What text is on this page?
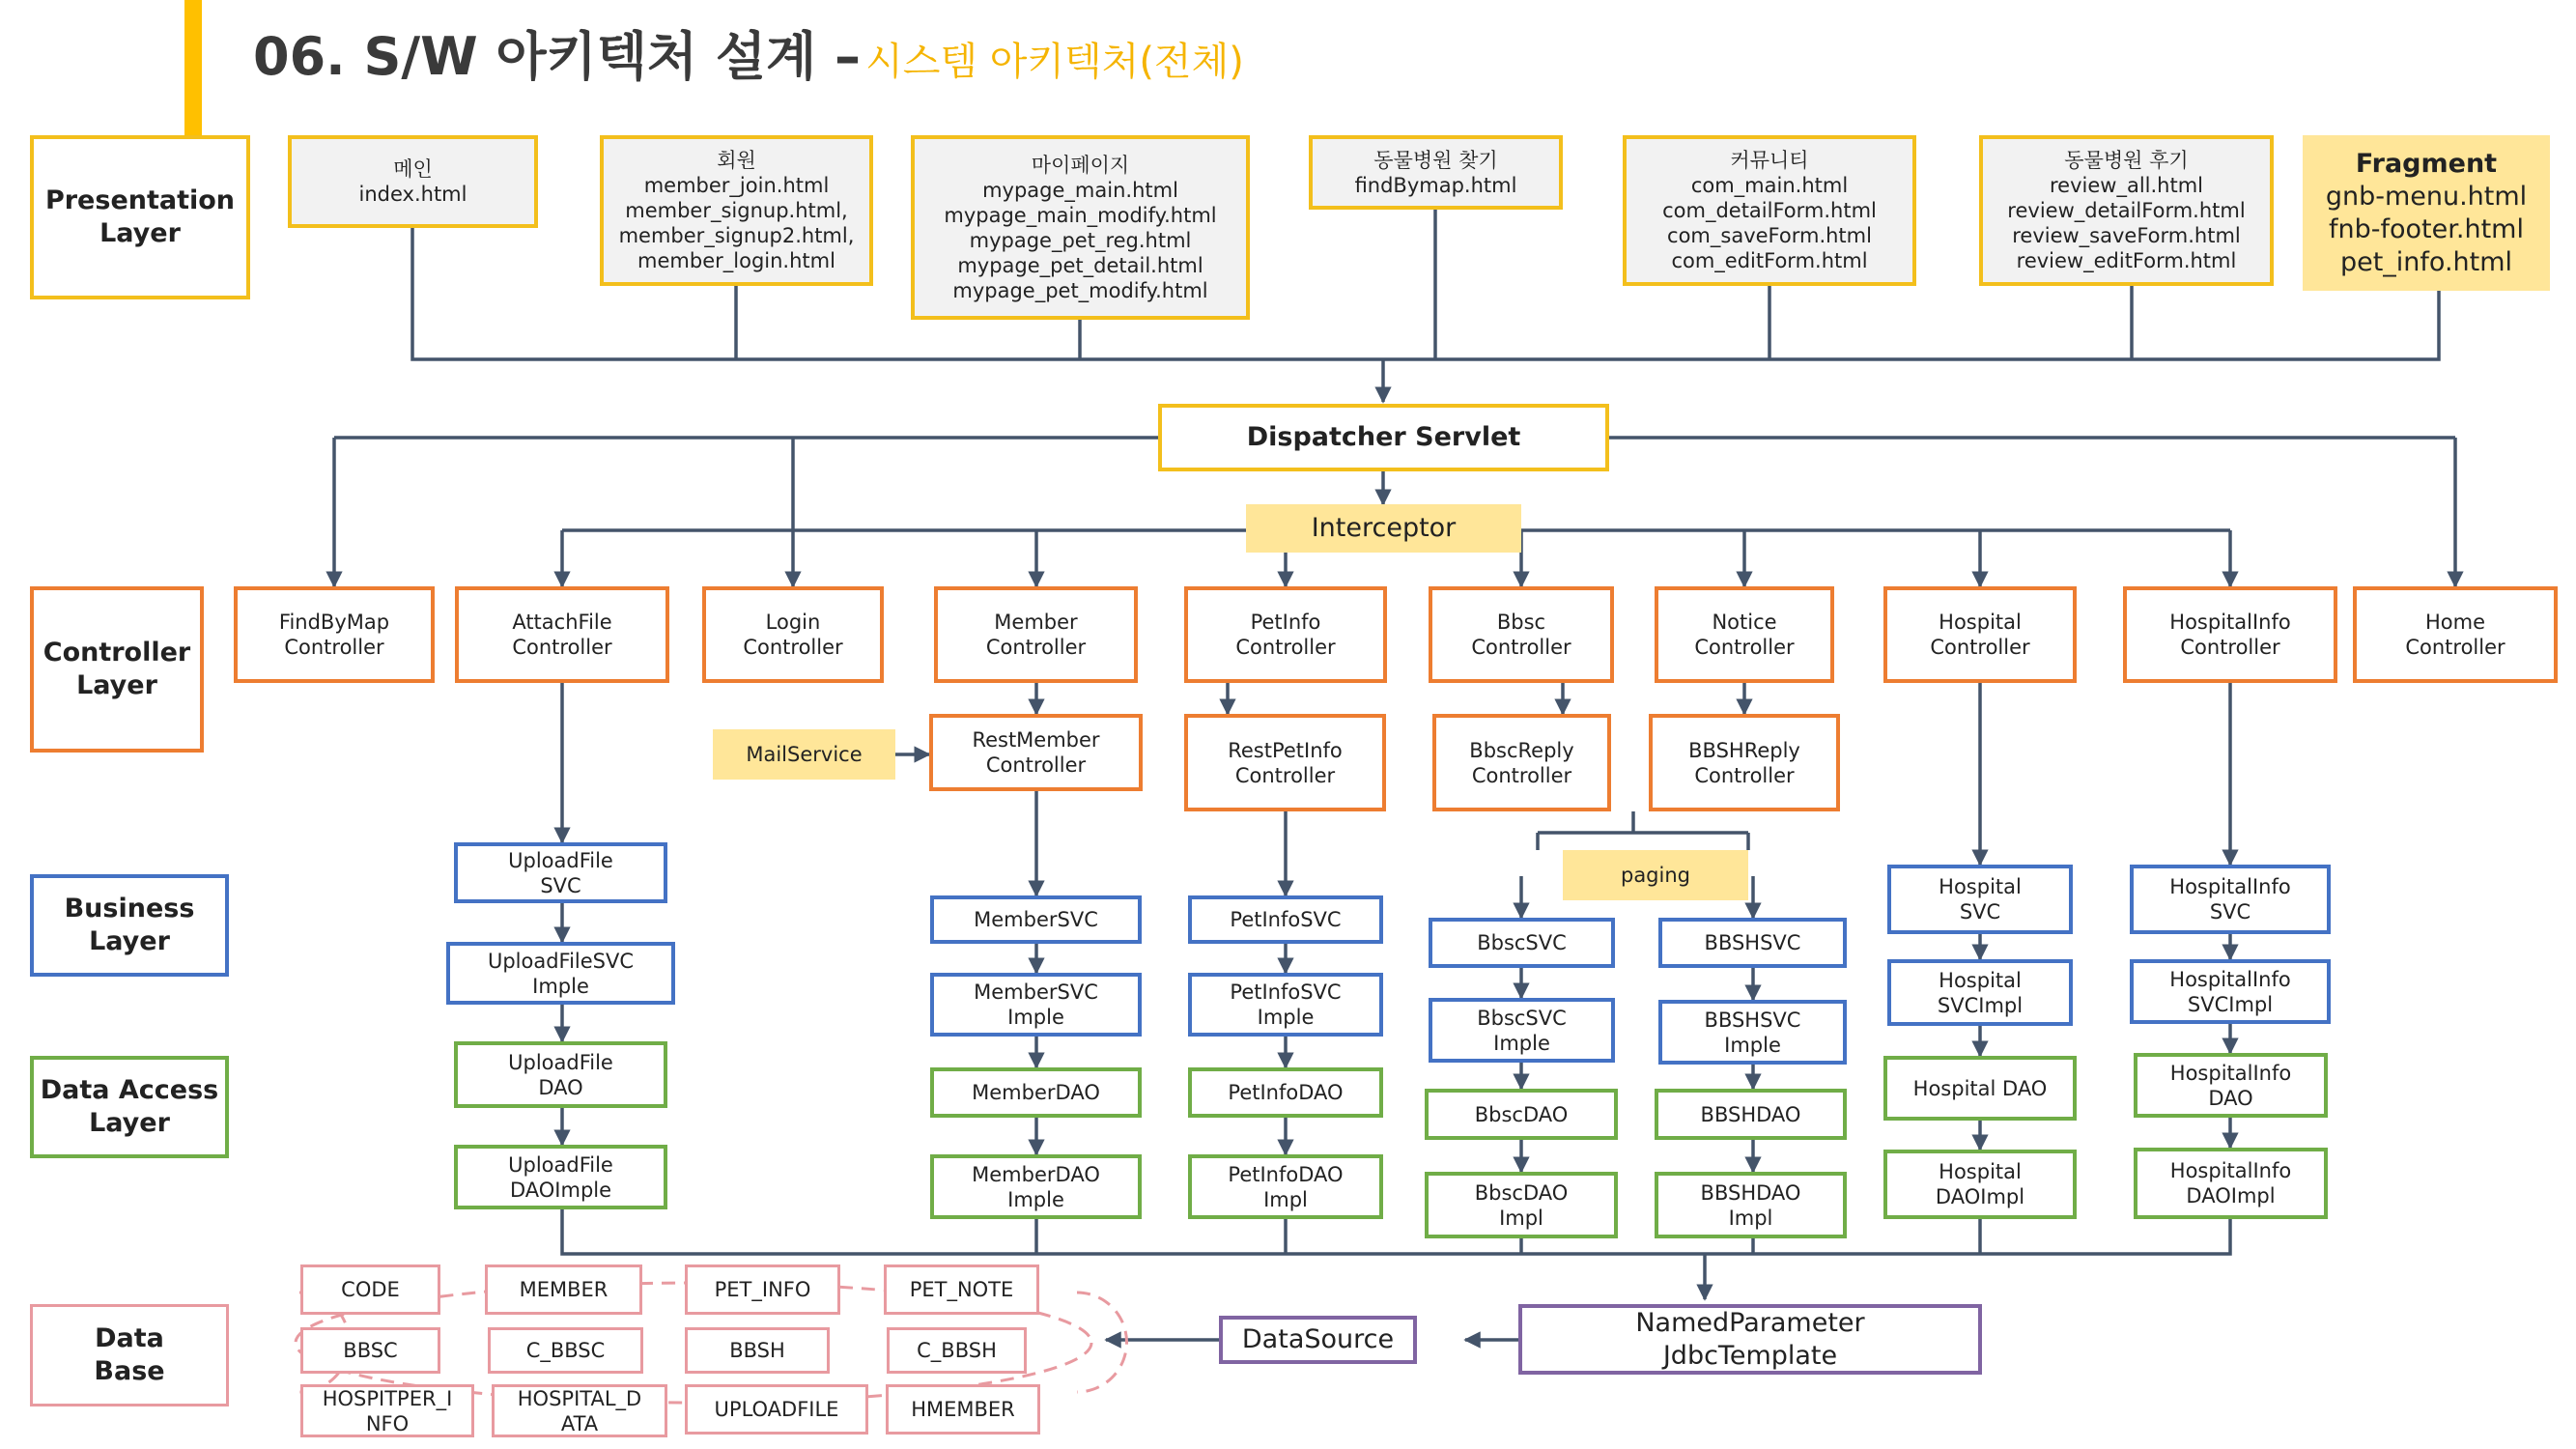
06. S/W 아키텍처 설계 – 시스템 아키텍처(전체)
Presentation
Layer
Controller
Layer
Business
Layer
Data Access
Layer
Data
Base
메인
index.html
회원
member_join.html
member_signup.html,
member_signup2.html,
member_login.html
마이페이지
mypage_main.html
mypage_main_modify.html
mypage_pet_reg.html
mypage_pet_detail.html
mypage_pet_modify.html
동물병원 찾기
findBymap.html
커뮤니티
com_main.html
com_detailForm.html
com_saveForm.html
com_editForm.html
동물병원 후기
review_all.html
review_detailForm.html
review_saveForm.html
review_editForm.html
Fragment
gnb-menu.html
fnb-footer.html
pet_info.html
Dispatcher Servlet
Interceptor
FindByMap
Controller
AttachFile
Controller
Login
Controller
Member
Controller
PetInfo
Controller
Bbsc
Controller
Notice
Controller
Hospital
Controller
HospitalInfo
Controller
Home
Controller
MailService
RestMember
Controller
RestPetInfo
Controller
BbscReply
Controller
BBSHReply
Controller
paging
UploadFile
SVC
UploadFileSVC
Imple
UploadFile
DAO
UploadFile
DAOImple
MemberSVC
MemberSVC
Imple
MemberDAO
MemberDAO
Imple
PetInfoSVC
PetInfoSVC
Imple
PetInfoDAO
PetInfoDAO
Impl
BbscSVC
BbscSVC
Imple
BbscDAO
BbscDAO
Impl
BBSHSVC
BBSHSVC
Imple
BBSHDAO
BBSHDAO
Impl
Hospital
SVC
Hospital
SVCImpl
Hospital DAO
Hospital
DAOImpl
HospitalInfo
SVC
HospitalInfo
SVCImpl
HospitalInfo
DAO
HospitalInfo
DAOImpl
CODE	MEMBER	PET_INFO	PET_NOTE
BBSC	C_BBSC	BBSH	C_BBSH
HOSPITPER_I
NFO
HOSPITAL_D
ATA
UPLOADFILE	HMEMBER
DataSource
NamedParameter
JdbcTemplate
